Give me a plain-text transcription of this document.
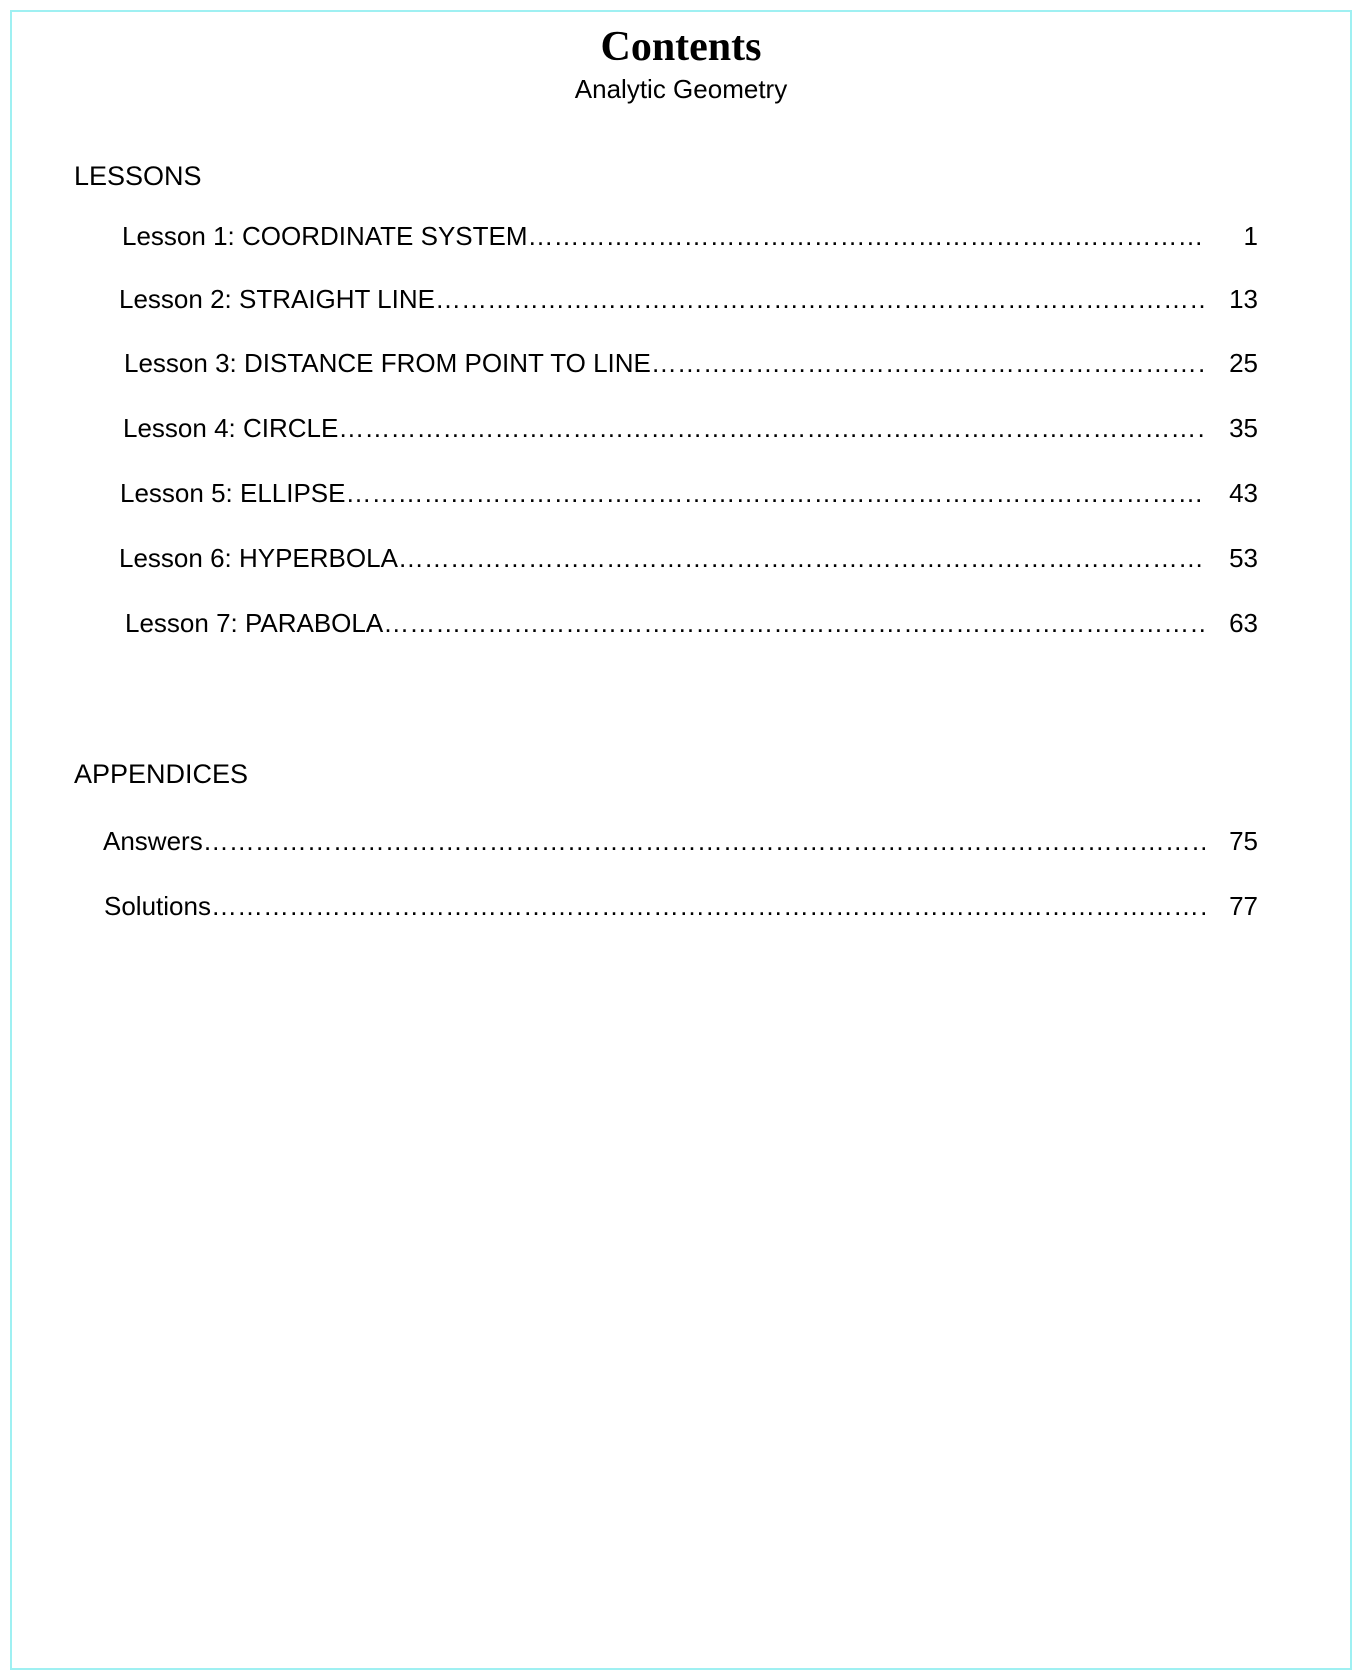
Contents
Analytic Geometry
LESSONS
Lesson 1: COORDINATE SYSTEM ……………………………………………………………………………………………………………………………………………………………………………………………………	1
Lesson 2: STRAIGHT LINE ……………………………………………………………………………………………………………………………………………………………………………………………………	13
Lesson 3: DISTANCE FROM POINT TO LINE ……………………………………………………………………………………………………………………………………………………………………………………………………	25
Lesson 4: CIRCLE ……………………………………………………………………………………………………………………………………………………………………………………………………	35
Lesson 5: ELLIPSE ……………………………………………………………………………………………………………………………………………………………………………………………………	43
Lesson 6: HYPERBOLA ……………………………………………………………………………………………………………………………………………………………………………………………………	53
Lesson 7: PARABOLA ……………………………………………………………………………………………………………………………………………………………………………………………………	63
APPENDICES
Answers ……………………………………………………………………………………………………………………………………………………………………………………………………	75
Solutions ……………………………………………………………………………………………………………………………………………………………………………………………………	77
